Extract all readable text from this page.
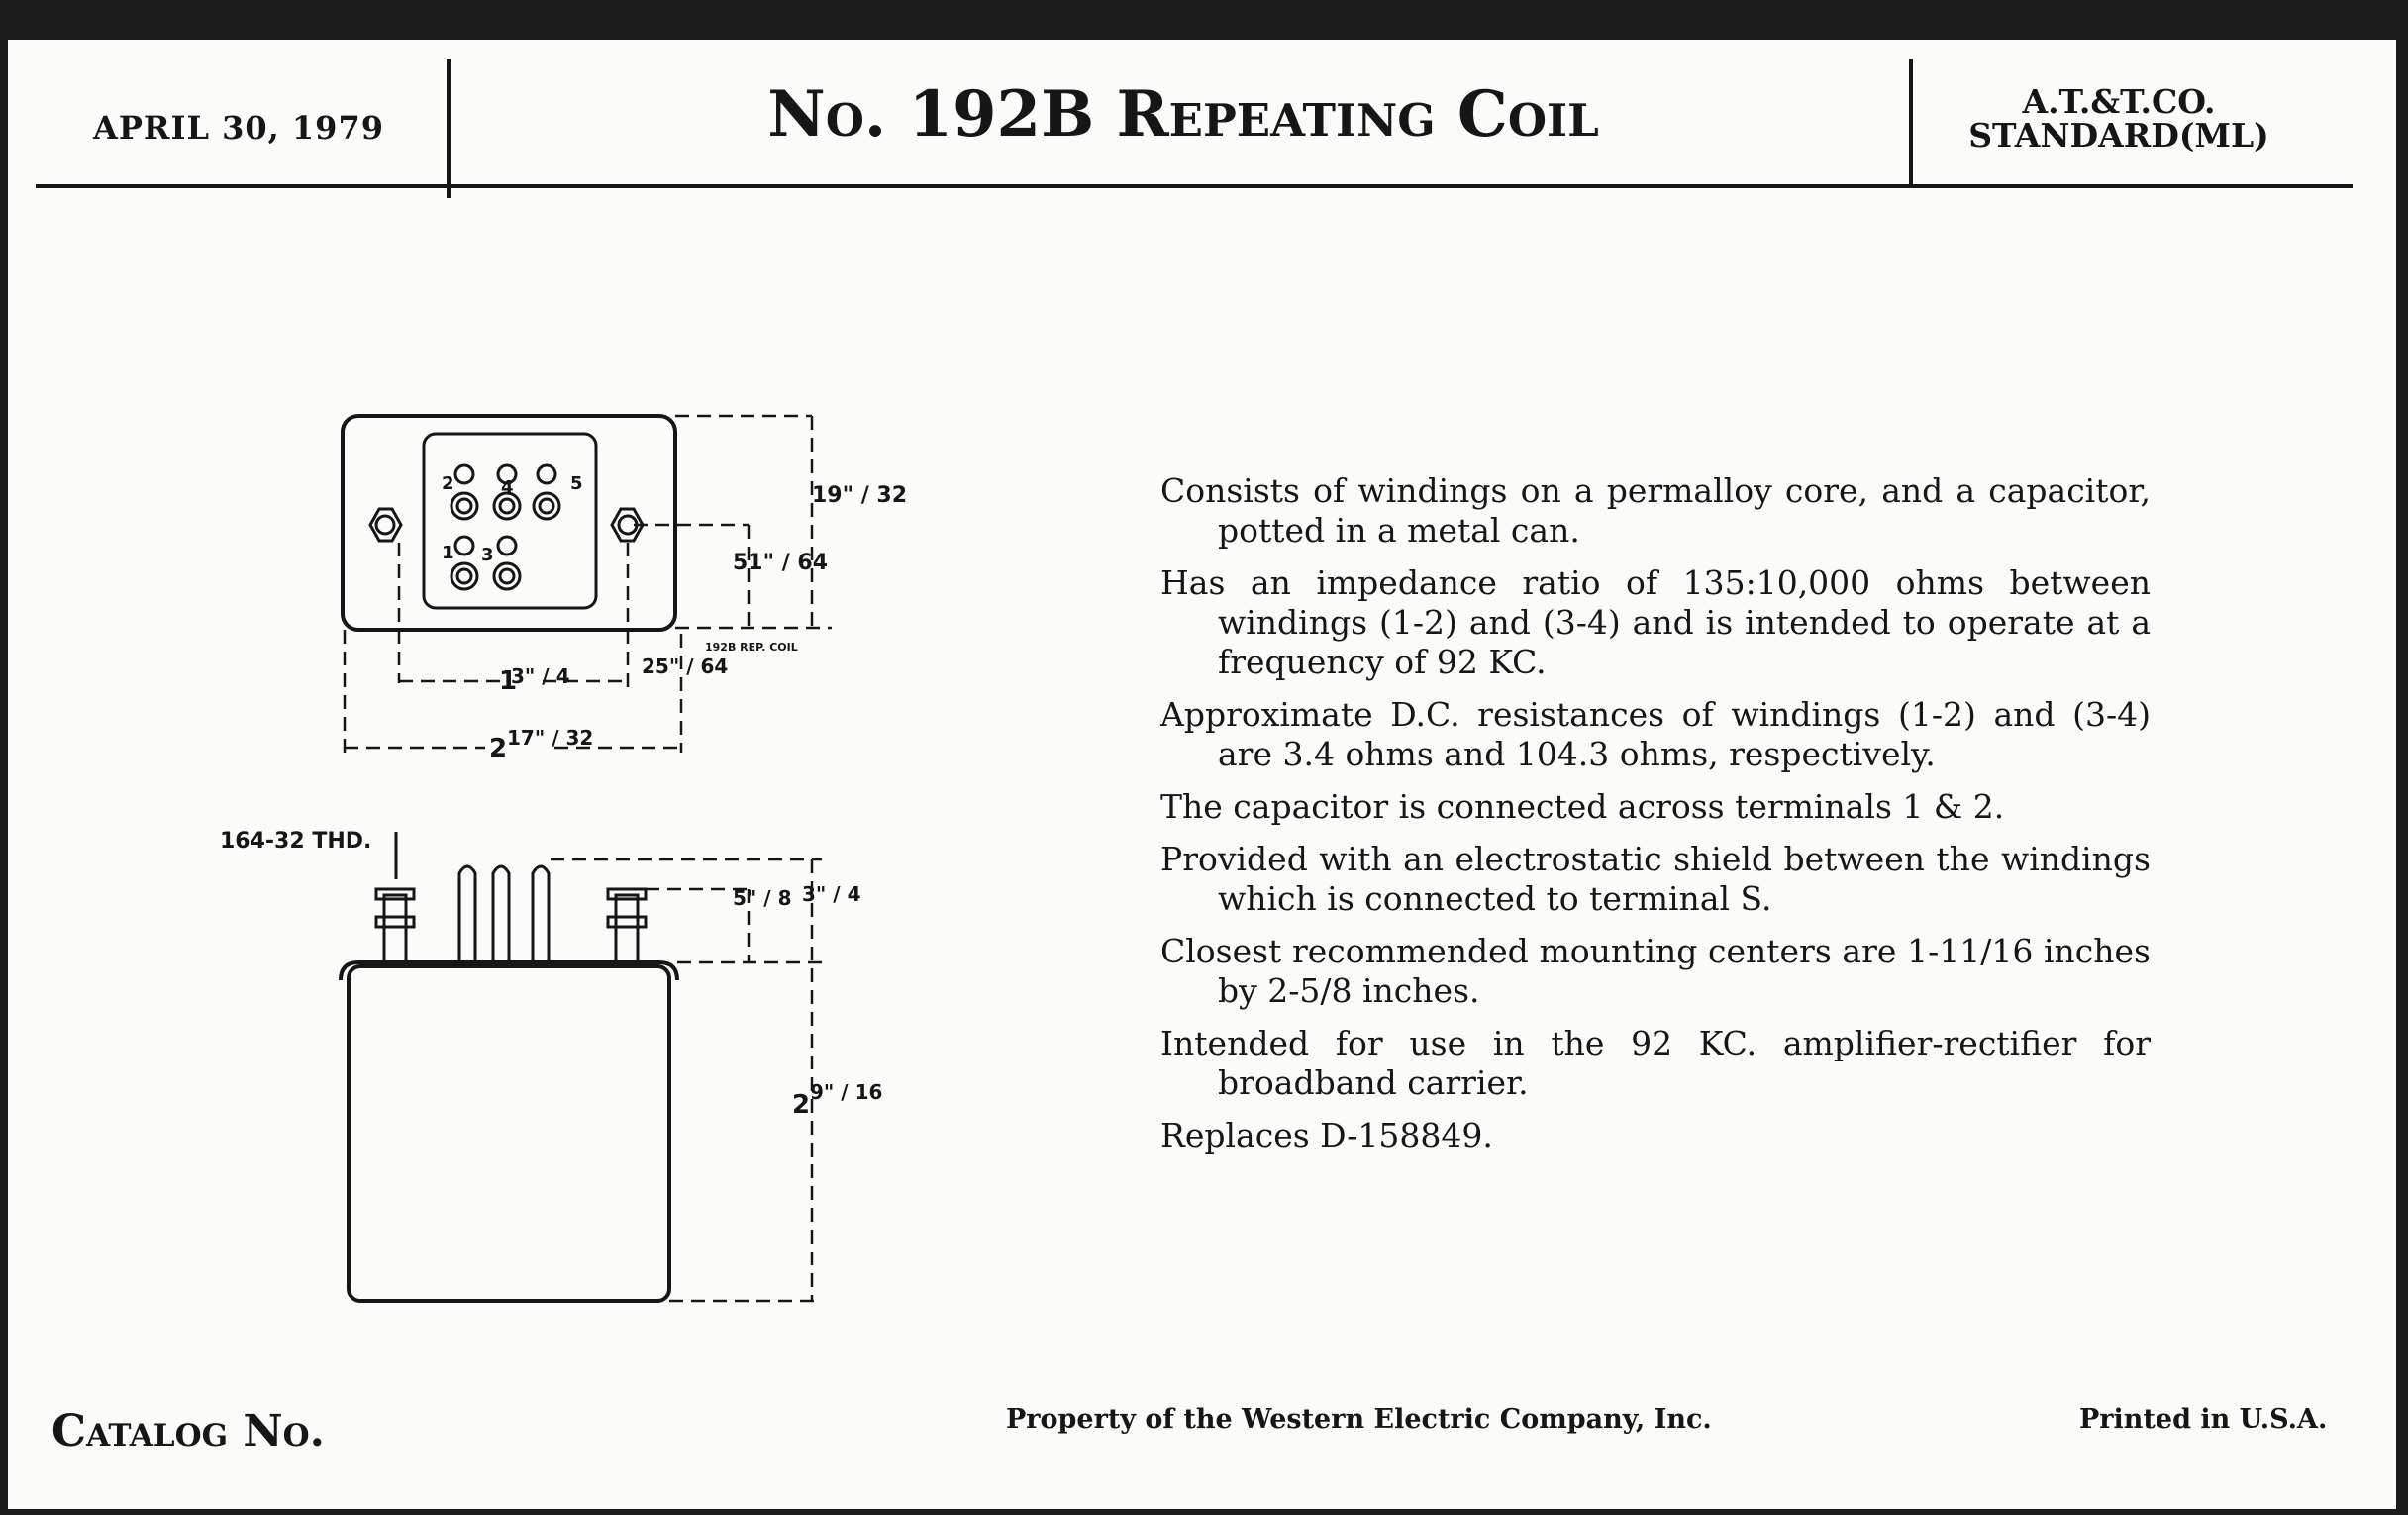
APRIL 30, 1979	No. 192B Repeating Coil	A.T.&T.CO.
STANDARD(ML)
19" / 32
51" / 64
192B REP. COIL
1
3" / 4	25" / 64
2 17" / 32
164-32 THD.
5" / 8 3" / 4
2 9" / 16
2	4	5
1 3

Consists of windings on a permalloy core, and a capacitor, potted in a metal can.

Has an impedance ratio of 135:10,000 ohms between windings (1-2) and (3-4) and is intended to operate at a frequency of 92 KC.

Approximate D.C. resistances of windings (1-2) and (3-4) are 3.4 ohms and 104.3 ohms, respectively.

The capacitor is connected across terminals 1 & 2.

Provided with an electrostatic shield between the windings which is connected to terminal S.

Closest recommended mounting centers are 1-11/16 inches by 2-5/8 inches.

Intended for use in the 92 KC. amplifier-rectifier for broadband carrier.

Replaces D-158849.

Catalog No.	Property of the Western Electric Company, Inc.	Printed in U.S.A.
